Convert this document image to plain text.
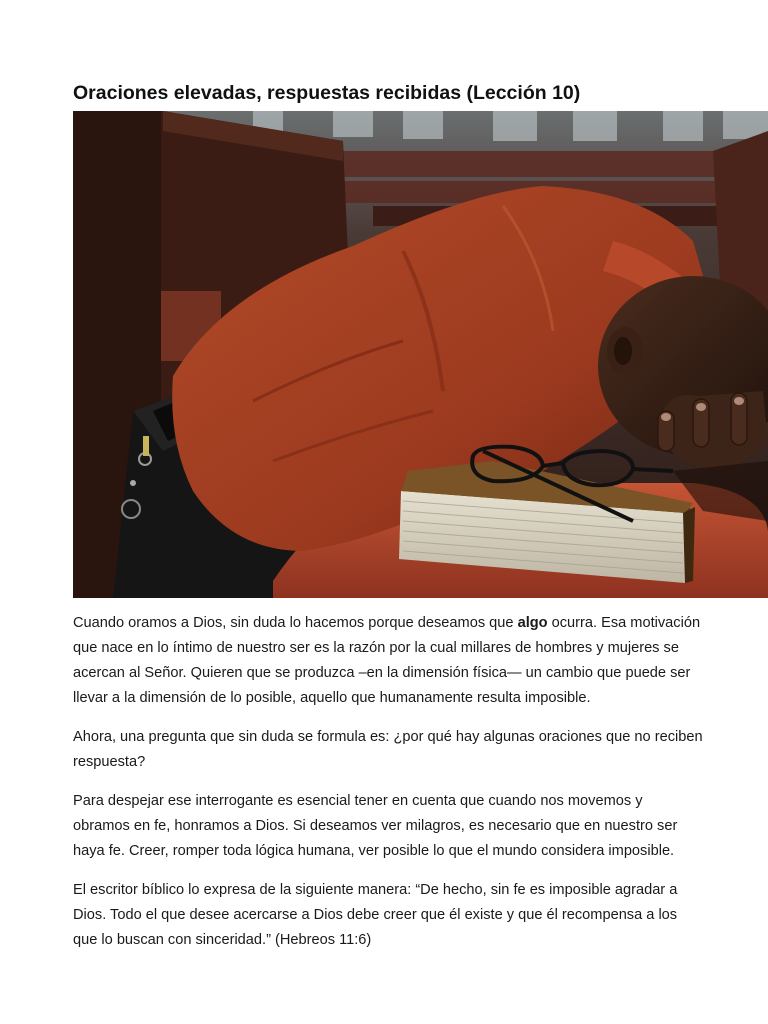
Oraciones elevadas, respuestas recibidas (Lección 10)

Cuando oramos a Dios, sin duda lo hacemos porque deseamos que algo ocurra. Esa motivación que nace en lo íntimo de nuestro ser es la razón por la cual millares de hombres y mujeres se acercan al Señor. Quieren que se produzca –en la dimensión física— un cambio que puede ser llevar a la dimensión de lo posible, aquello que humanamente resulta imposible.

Ahora, una pregunta que sin duda se formula es: ¿por qué hay algunas oraciones que no reciben respuesta?

Para despejar ese interrogante es esencial tener en cuenta que cuando nos movemos y obramos en fe, honramos a Dios. Si deseamos ver milagros, es necesario que en nuestro ser haya fe. Creer, romper toda lógica humana, ver posible lo que el mundo considera imposible.

El escritor bíblico lo expresa de la siguiente manera: “De hecho, sin fe es imposible agradar a Dios. Todo el que desee acercarse a Dios debe creer que él existe y que él recompensa a los que lo buscan con sinceridad.” (Hebreos 11:6)
